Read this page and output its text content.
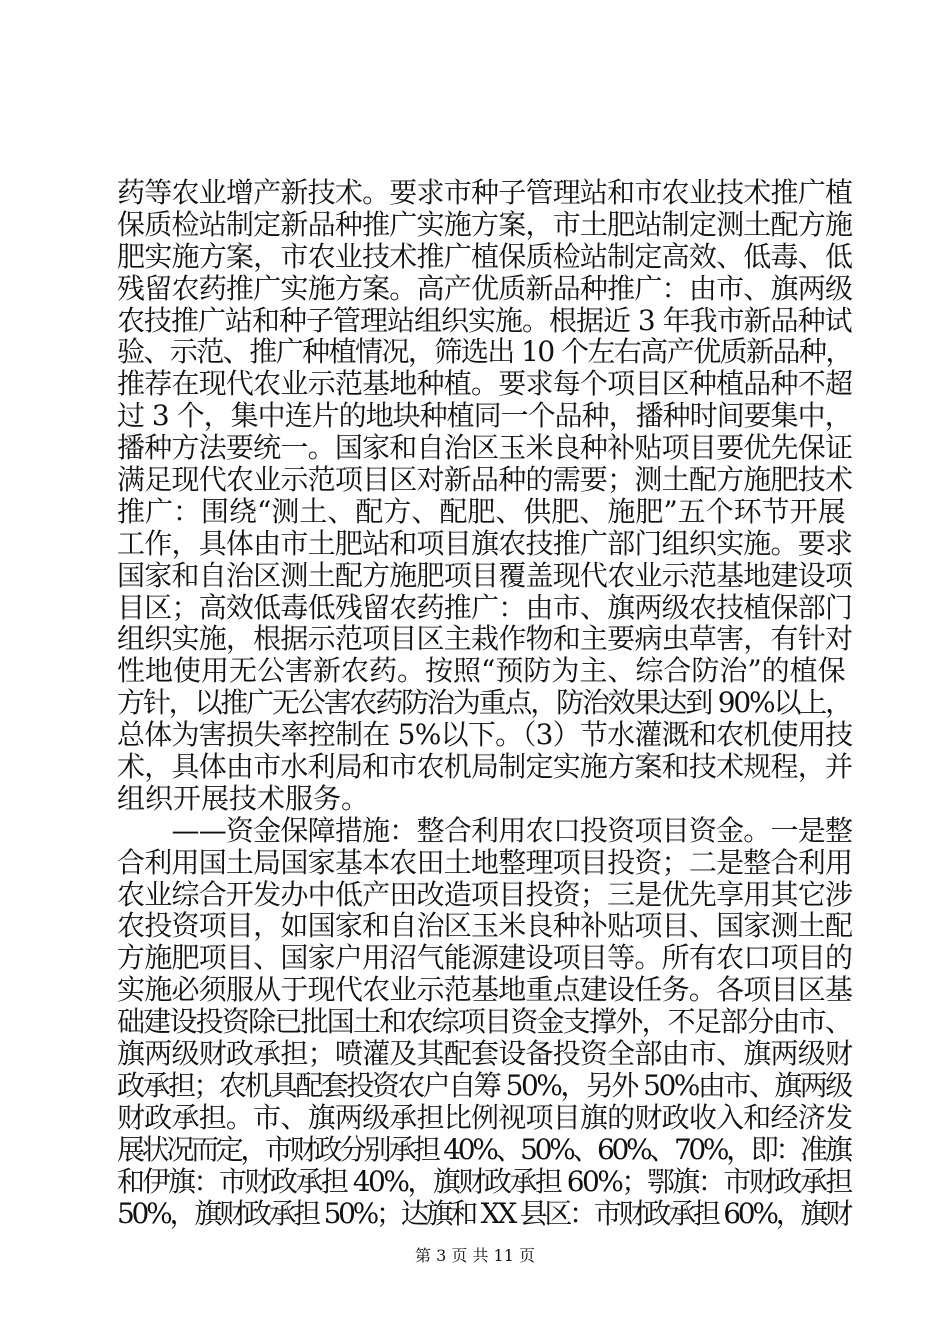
药等农业增产新技术。要求市种子管理站和市农业技术推广植
保质检站制定新品种推广实施方案，市土肥站制定测土配方施
肥实施方案，市农业技术推广植保质检站制定高效、低毒、低
残留农药推广实施方案。高产优质新品种推广：由市、旗两级
农技推广站和种子管理站组织实施。根据近 3 年我市新品种试
验、示范、推广种植情况，筛选出 10 个左右高产优质新品种，
推荐在现代农业示范基地种植。要求每个项目区种植品种不超
过 3 个，集中连片的地块种植同一个品种，播种时间要集中，
播种方法要统一。国家和自治区玉米良种补贴项目要优先保证
满足现代农业示范项目区对新品种的需要；测土配方施肥技术
推广：围绕“测土、配方、配肥、供肥、施肥”五个环节开展
工作，具体由市土肥站和项目旗农技推广部门组织实施。要求
国家和自治区测土配方施肥项目覆盖现代农业示范基地建设项
目区；高效低毒低残留农药推广：由市、旗两级农技植保部门
组织实施，根据示范项目区主栽作物和主要病虫草害，有针对
性地使用无公害新农药。按照“预防为主、综合防治”的植保
方针，以推广无公害农药防治为重点，防治效果达到 90%以上，
总体为害损失率控制在 5%以下。（3）节水灌溉和农机使用技
术，具体由市水利局和市农机局制定实施方案和技术规程，并
组织开展技术服务。
　　——资金保障措施：整合利用农口投资项目资金。一是整
合利用国土局国家基本农田土地整理项目投资；二是整合利用
农业综合开发办中低产田改造项目投资；三是优先享用其它涉
农投资项目，如国家和自治区玉米良种补贴项目、国家测土配
方施肥项目、国家户用沼气能源建设项目等。所有农口项目的
实施必须服从于现代农业示范基地重点建设任务。各项目区基
础建设投资除已批国土和农综项目资金支撑外，不足部分由市、
旗两级财政承担；喷灌及其配套设备投资全部由市、旗两级财
政承担；农机具配套投资农户自筹 50%，另外 50%由市、旗两级
财政承担。市、旗两级承担比例视项目旗的财政收入和经济发
展状况而定，市财政分别承担 40%、50%、60%、70%，即：准旗
和伊旗：市财政承担 40%，旗财政承担 60%；鄂旗：市财政承担
50%，旗财政承担 50%；达旗和 XX 县区：市财政承担 60%，旗财
第 3 页 共 11 页
